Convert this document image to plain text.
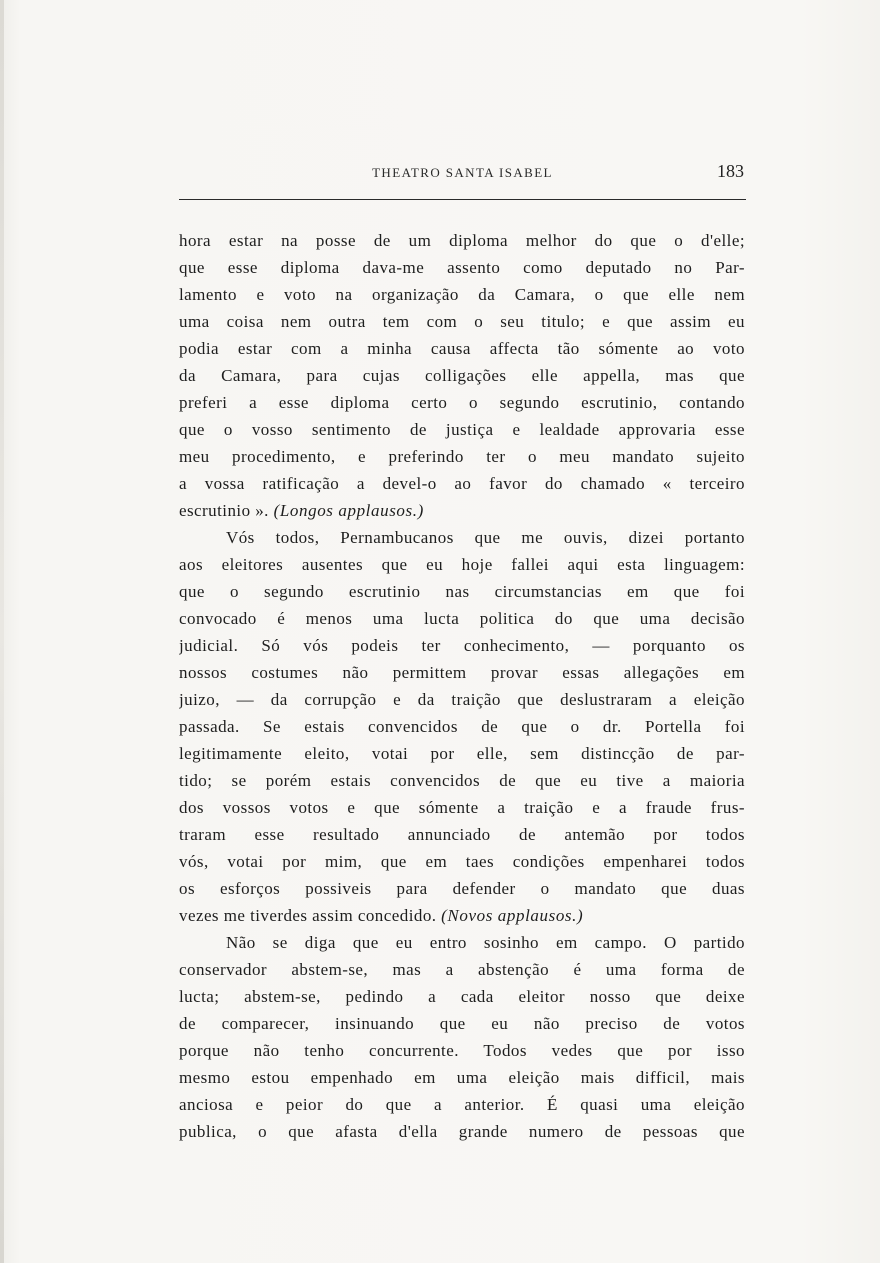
THEATRO SANTA ISABEL	183
hora estar na posse de um diploma melhor do que o d'elle;
que esse diploma dava-me assento como deputado no Par-
lamento e voto na organização da Camara, o que elle nem
uma coisa nem outra tem com o seu titulo; e que assim eu
podia estar com a minha causa affecta tão sómente ao voto
da Camara, para cujas colligações elle appella, mas que
preferi a esse diploma certo o segundo escrutinio, contando
que o vosso sentimento de justiça e lealdade approvaria esse
meu procedimento, e preferindo ter o meu mandato sujeito
a vossa ratificação a devel-o ao favor do chamado « terceiro
escrutinio ». (Longos applausos.)
Vós todos, Pernambucanos que me ouvis, dizei portanto
aos eleitores ausentes que eu hoje fallei aqui esta linguagem:
que o segundo escrutinio nas circumstancias em que foi
convocado é menos uma lucta politica do que uma decisão
judicial. Só vós podeis ter conhecimento, — porquanto os
nossos costumes não permittem provar essas allegações em
juizo, — da corrupção e da traição que deslustraram a eleição
passada. Se estais convencidos de que o dr. Portella foi
legitimamente eleito, votai por elle, sem distincção de par-
tido; se porém estais convencidos de que eu tive a maioria
dos vossos votos e que sómente a traição e a fraude frus-
traram esse resultado annunciado de antemão por todos
vós, votai por mim, que em taes condições empenharei todos
os esforços possiveis para defender o mandato que duas
vezes me tiverdes assim concedido. (Novos applausos.)
Não se diga que eu entro sosinho em campo. O partido
conservador abstem-se, mas a abstenção é uma forma de
lucta; abstem-se, pedindo a cada eleitor nosso que deixe
de comparecer, insinuando que eu não preciso de votos
porque não tenho concurrente. Todos vedes que por isso
mesmo estou empenhado em uma eleição mais difficil, mais
anciosa e peior do que a anterior. É quasi uma eleição
publica, o que afasta d'ella grande numero de pessoas que
